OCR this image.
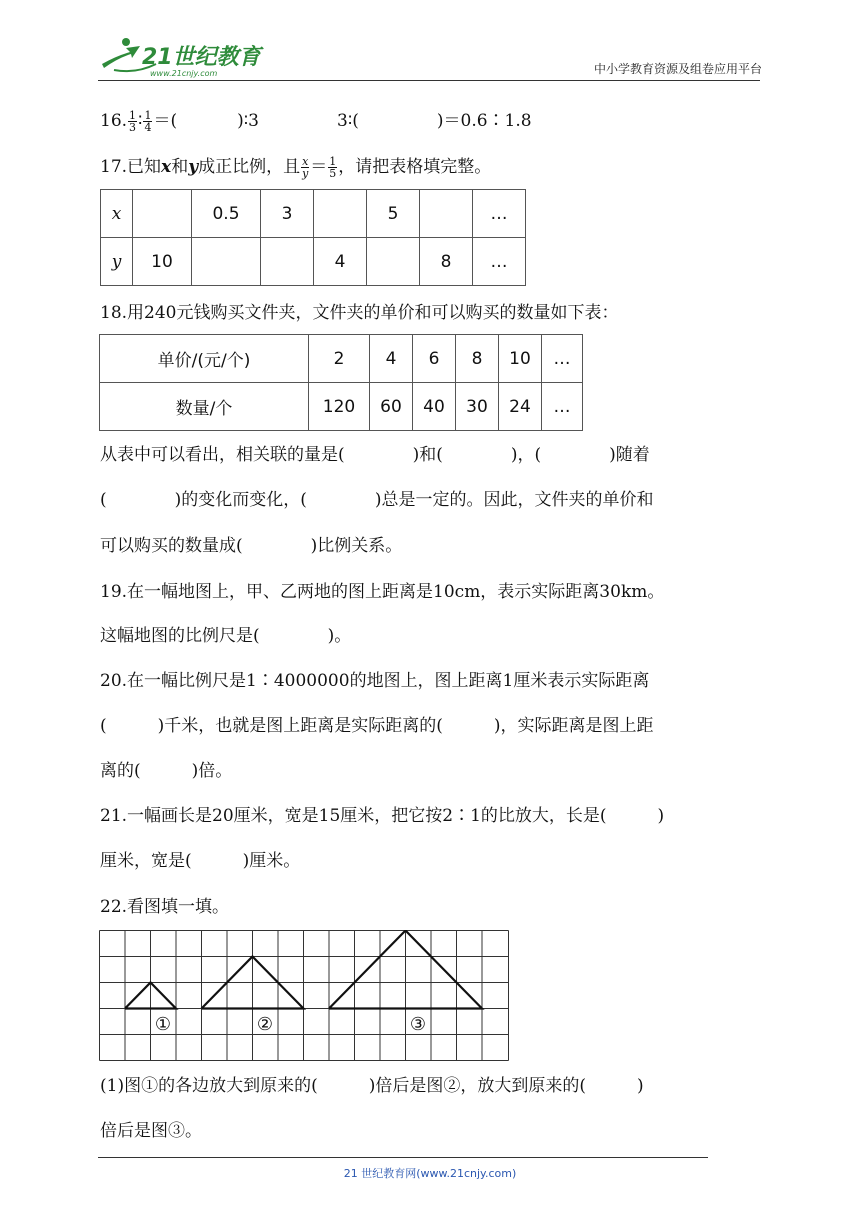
21世纪教育
www.21cnjy.com	中小学教育资源及组卷应用平台
16. $\frac{1}{3}$ ∶ $\frac{1}{4}$ ＝(	)∶3	3∶(	)＝0.6∶1.8
17.已知x和y成正比例，且 $\frac{x}{y} = \frac{1}{5}$ ，请把表格填完整。
x		0.5	3		5		…
y	10			4		8	…
18.用240元钱购买文件夹，文件夹的单价和可以购买的数量如下表：
单价/(元/个)	2	4	6	8	10	…
数量/个	120	60	40	30	24	…
从表中可以看出，相关联的量是(　　　　)和(　　　　)，(　　　　)随着
(　　　　)的变化而变化，(　　　　)总是一定的。因此，文件夹的单价和
可以购买的数量成(　　　　)比例关系。
19.在一幅地图上，甲、乙两地的图上距离是10cm，表示实际距离30km。
这幅地图的比例尺是(　　　　)。
20.在一幅比例尺是1∶4000000的地图上，图上距离1厘米表示实际距离
(　　　)千米，也就是图上距离是实际距离的(　　　)，实际距离是图上距
离的(　　　)倍。
21.一幅画长是20厘米，宽是15厘米，把它按2∶1的比放大，长是(　　　)
厘米，宽是(　　　)厘米。
22.看图填一填。
①	②	③
(1)图①的各边放大到原来的(　　　)倍后是图②，放大到原来的(　　　)
倍后是图③。
21 世纪教育网(www.21cnjy.com)
